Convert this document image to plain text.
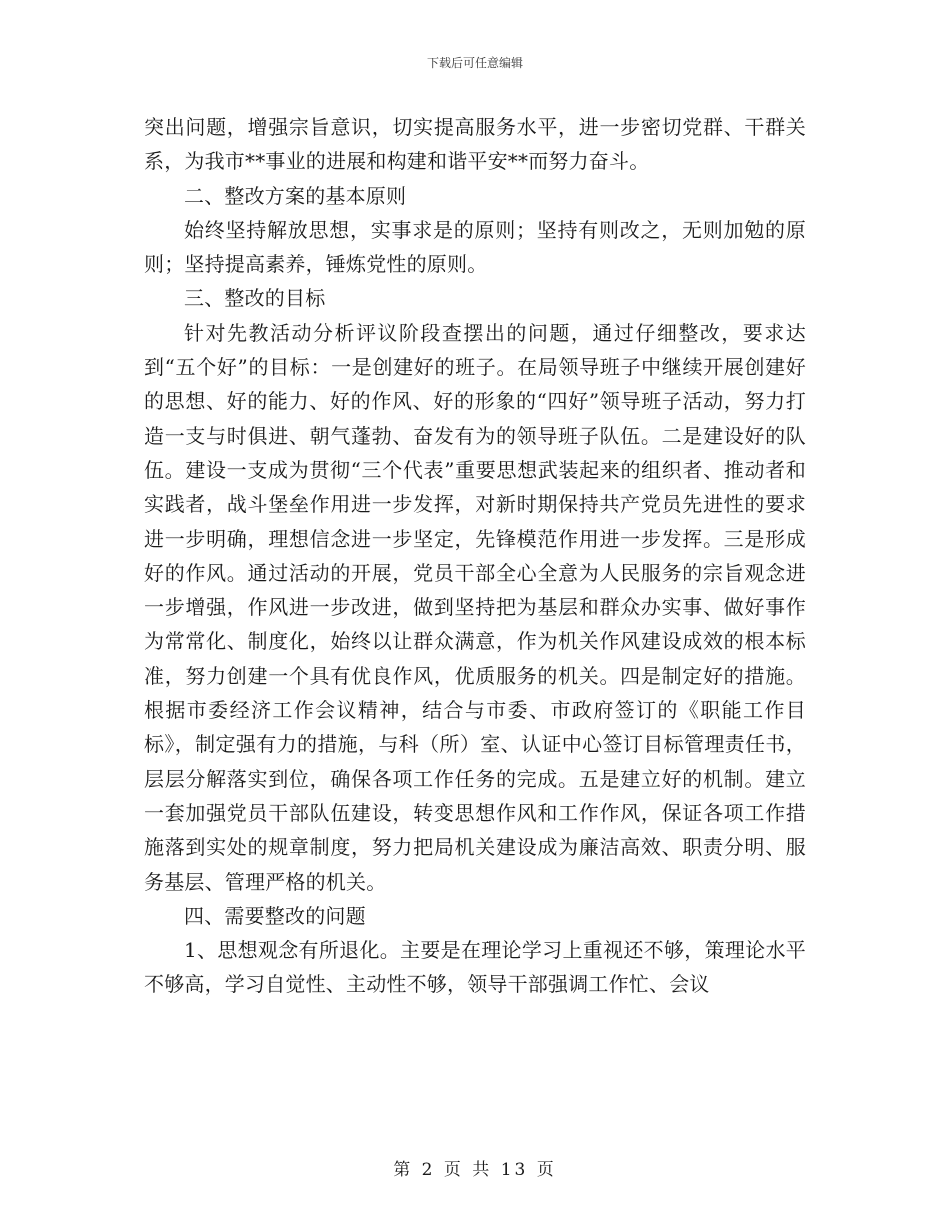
下载后可任意编辑

突出问题，增强宗旨意识，切实提高服务水平，进一步密切党群、干群关系，为我市**事业的进展和构建和谐平安**而努力奋斗。

二、整改方案的基本原则

始终坚持解放思想，实事求是的原则；坚持有则改之，无则加勉的原则；坚持提高素养，锤炼党性的原则。

三、整改的目标

针对先教活动分析评议阶段查摆出的问题，通过仔细整改，要求达到“五个好”的目标：一是创建好的班子。在局领导班子中继续开展创建好的思想、好的能力、好的作风、好的形象的“四好”领导班子活动，努力打造一支与时俱进、朝气蓬勃、奋发有为的领导班子队伍。二是建设好的队伍。建设一支成为贯彻“三个代表”重要思想武装起来的组织者、推动者和实践者，战斗堡垒作用进一步发挥，对新时期保持共产党员先进性的要求进一步明确，理想信念进一步坚定，先锋模范作用进一步发挥。三是形成好的作风。通过活动的开展，党员干部全心全意为人民服务的宗旨观念进一步增强，作风进一步改进，做到坚持把为基层和群众办实事、做好事作为常常化、制度化，始终以让群众满意，作为机关作风建设成效的根本标准，努力创建一个具有优良作风，优质服务的机关。四是制定好的措施。根据市委经济工作会议精神，结合与市委、市政府签订的《职能工作目标》，制定强有力的措施，与科（所）室、认证中心签订目标管理责任书，层层分解落实到位，确保各项工作任务的完成。五是建立好的机制。建立一套加强党员干部队伍建设，转变思想作风和工作作风，保证各项工作措施落到实处的规章制度，努力把局机关建设成为廉洁高效、职责分明、服务基层、管理严格的机关。

四、需要整改的问题

1、思想观念有所退化。主要是在理论学习上重视还不够，策理论水平不够高，学习自觉性、主动性不够，领导干部强调工作忙、会议

第 2 页 共 13 页
